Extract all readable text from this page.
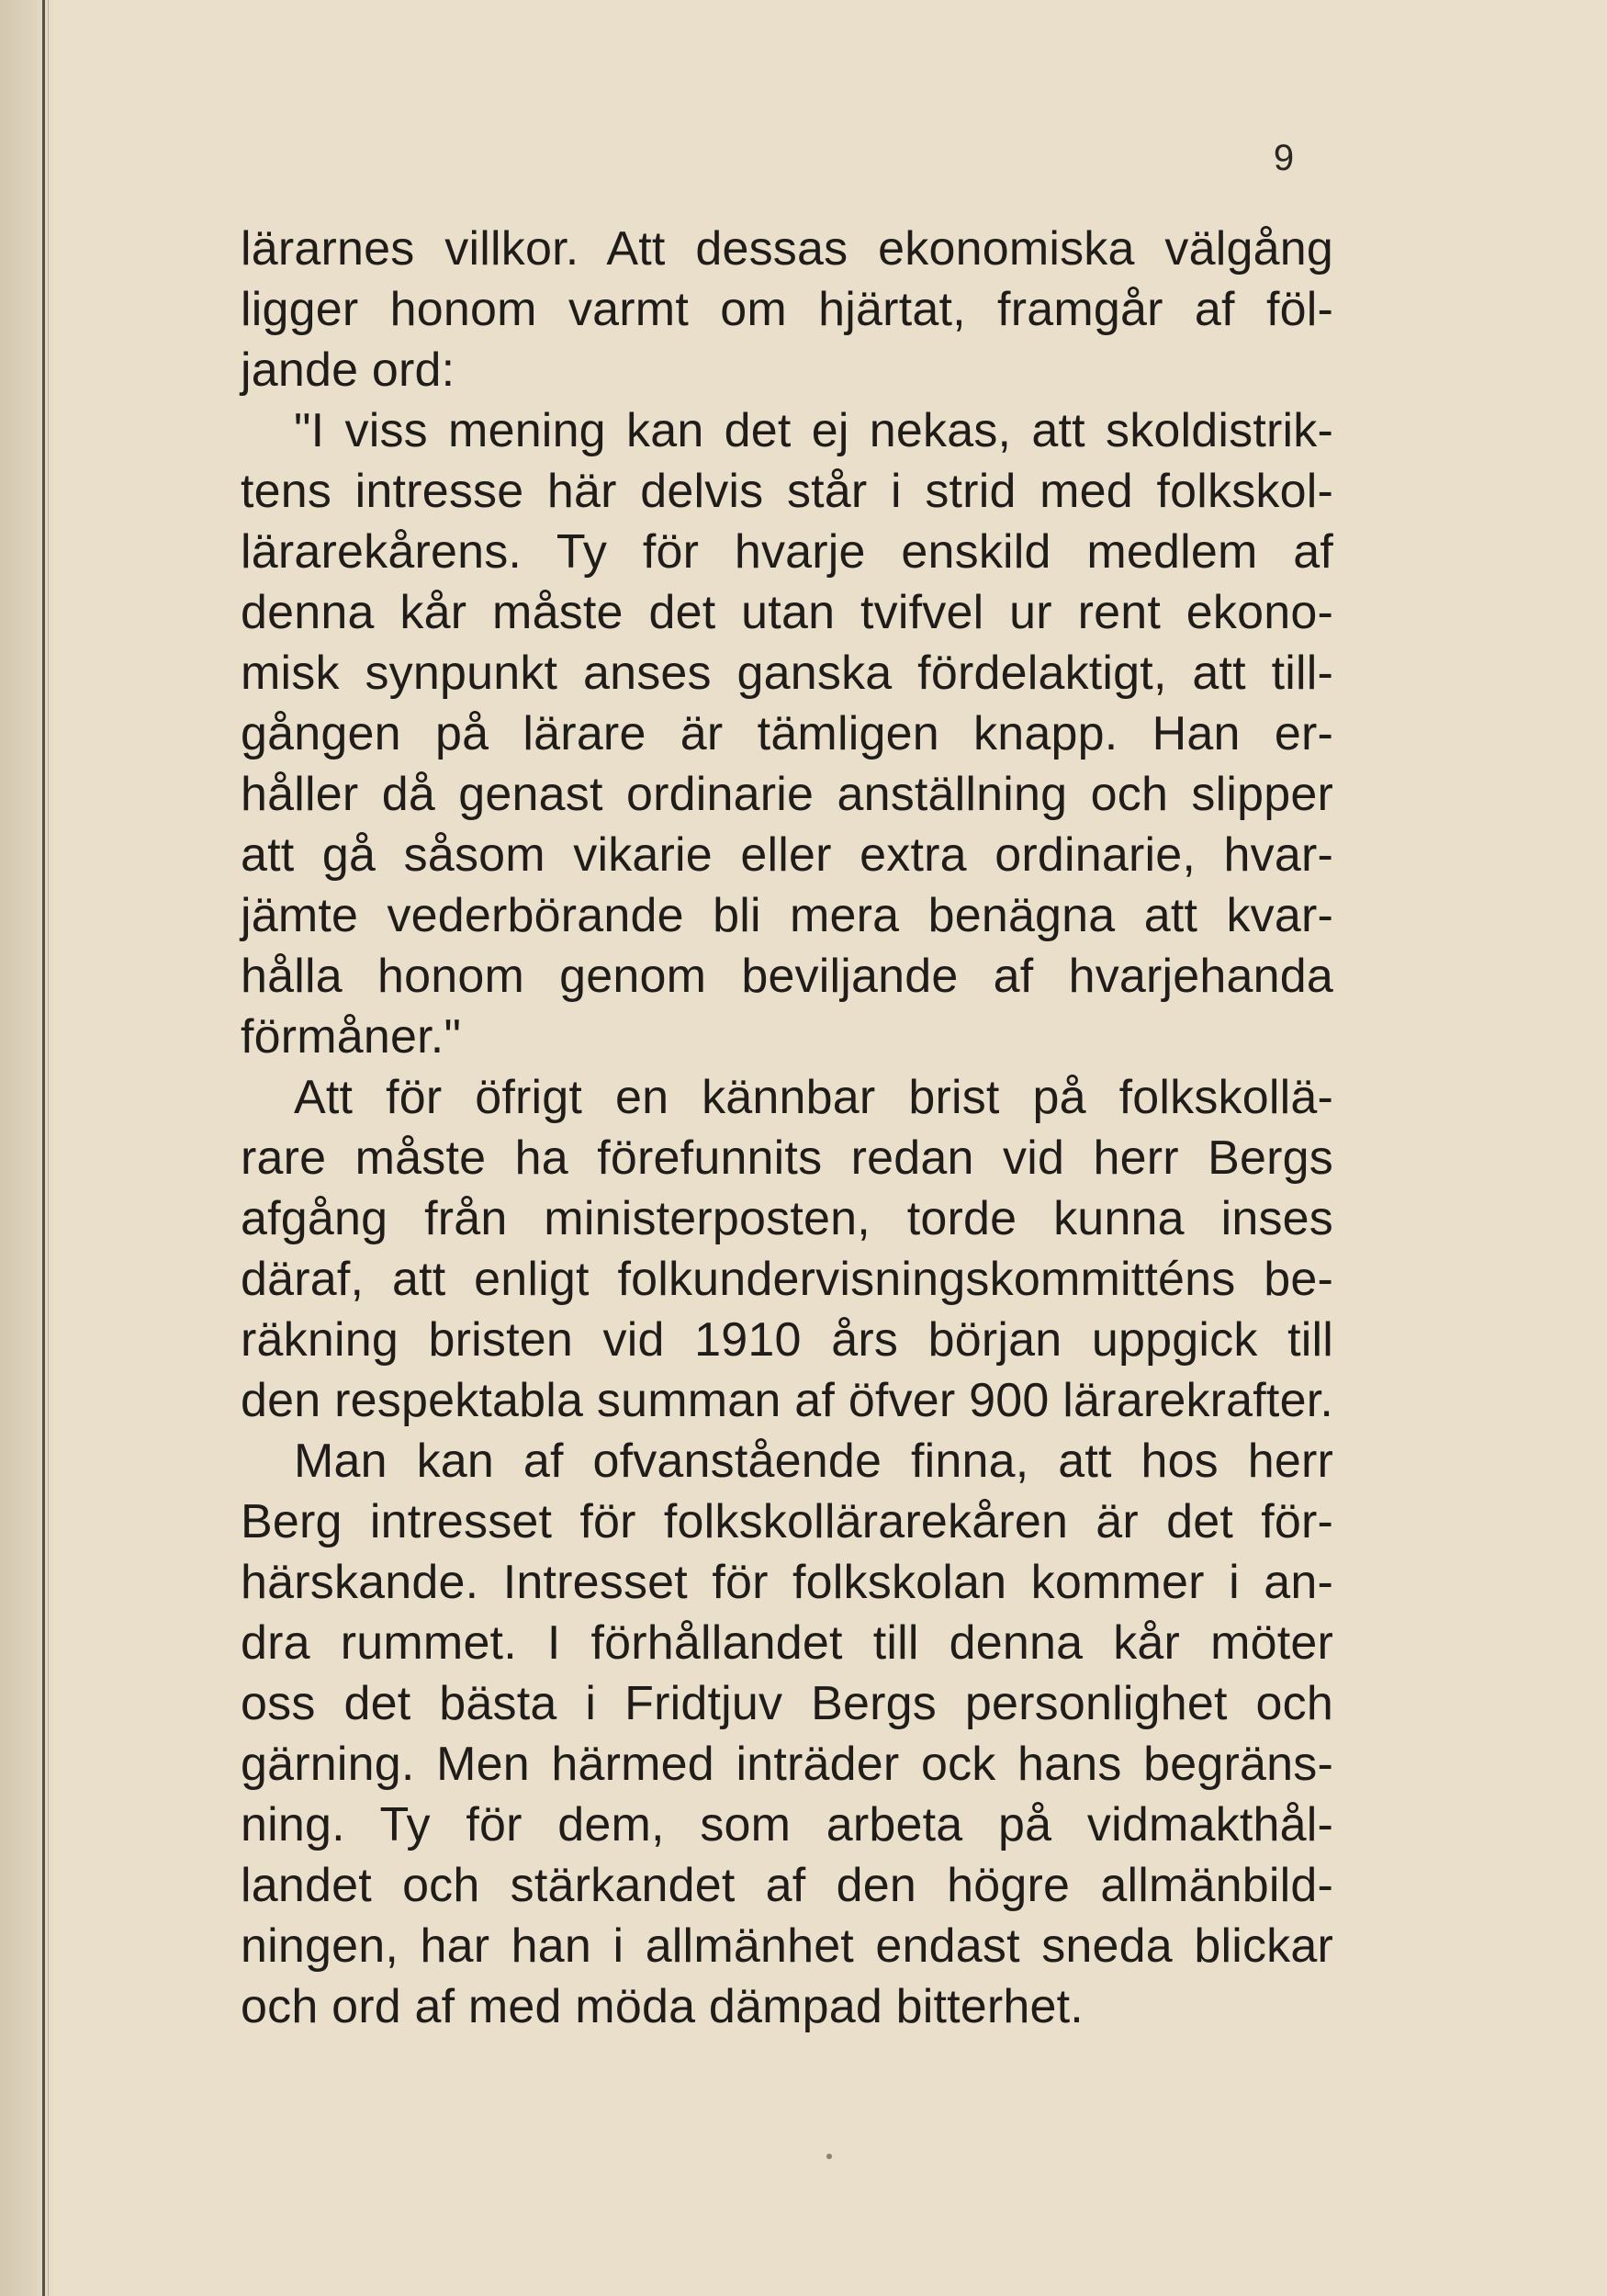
9
lärarnes villkor. Att dessas ekonomiska välgång
ligger honom varmt om hjärtat, framgår af föl-
jande ord:
"I viss mening kan det ej nekas, att skoldistrik-
tens intresse här delvis står i strid med folkskol-
lärarekårens. Ty för hvarje enskild medlem af
denna kår måste det utan tvifvel ur rent ekono-
misk synpunkt anses ganska fördelaktigt, att till-
gången på lärare är tämligen knapp. Han er-
håller då genast ordinarie anställning och slipper
att gå såsom vikarie eller extra ordinarie, hvar-
jämte vederbörande bli mera benägna att kvar-
hålla honom genom beviljande af hvarjehanda
förmåner."
Att för öfrigt en kännbar brist på folkskollä-
rare måste ha förefunnits redan vid herr Bergs
afgång från ministerposten, torde kunna inses
däraf, att enligt folkundervisningskommitténs be-
räkning bristen vid 1910 års början uppgick till
den respektabla summan af öfver 900 lärarekrafter.
Man kan af ofvanstående finna, att hos herr
Berg intresset för folkskollärarekåren är det för-
härskande. Intresset för folkskolan kommer i an-
dra rummet. I förhållandet till denna kår möter
oss det bästa i Fridtjuv Bergs personlighet och
gärning. Men härmed inträder ock hans begräns-
ning. Ty för dem, som arbeta på vidmakthål-
landet och stärkandet af den högre allmänbild-
ningen, har han i allmänhet endast sneda blickar
och ord af med möda dämpad bitterhet.
